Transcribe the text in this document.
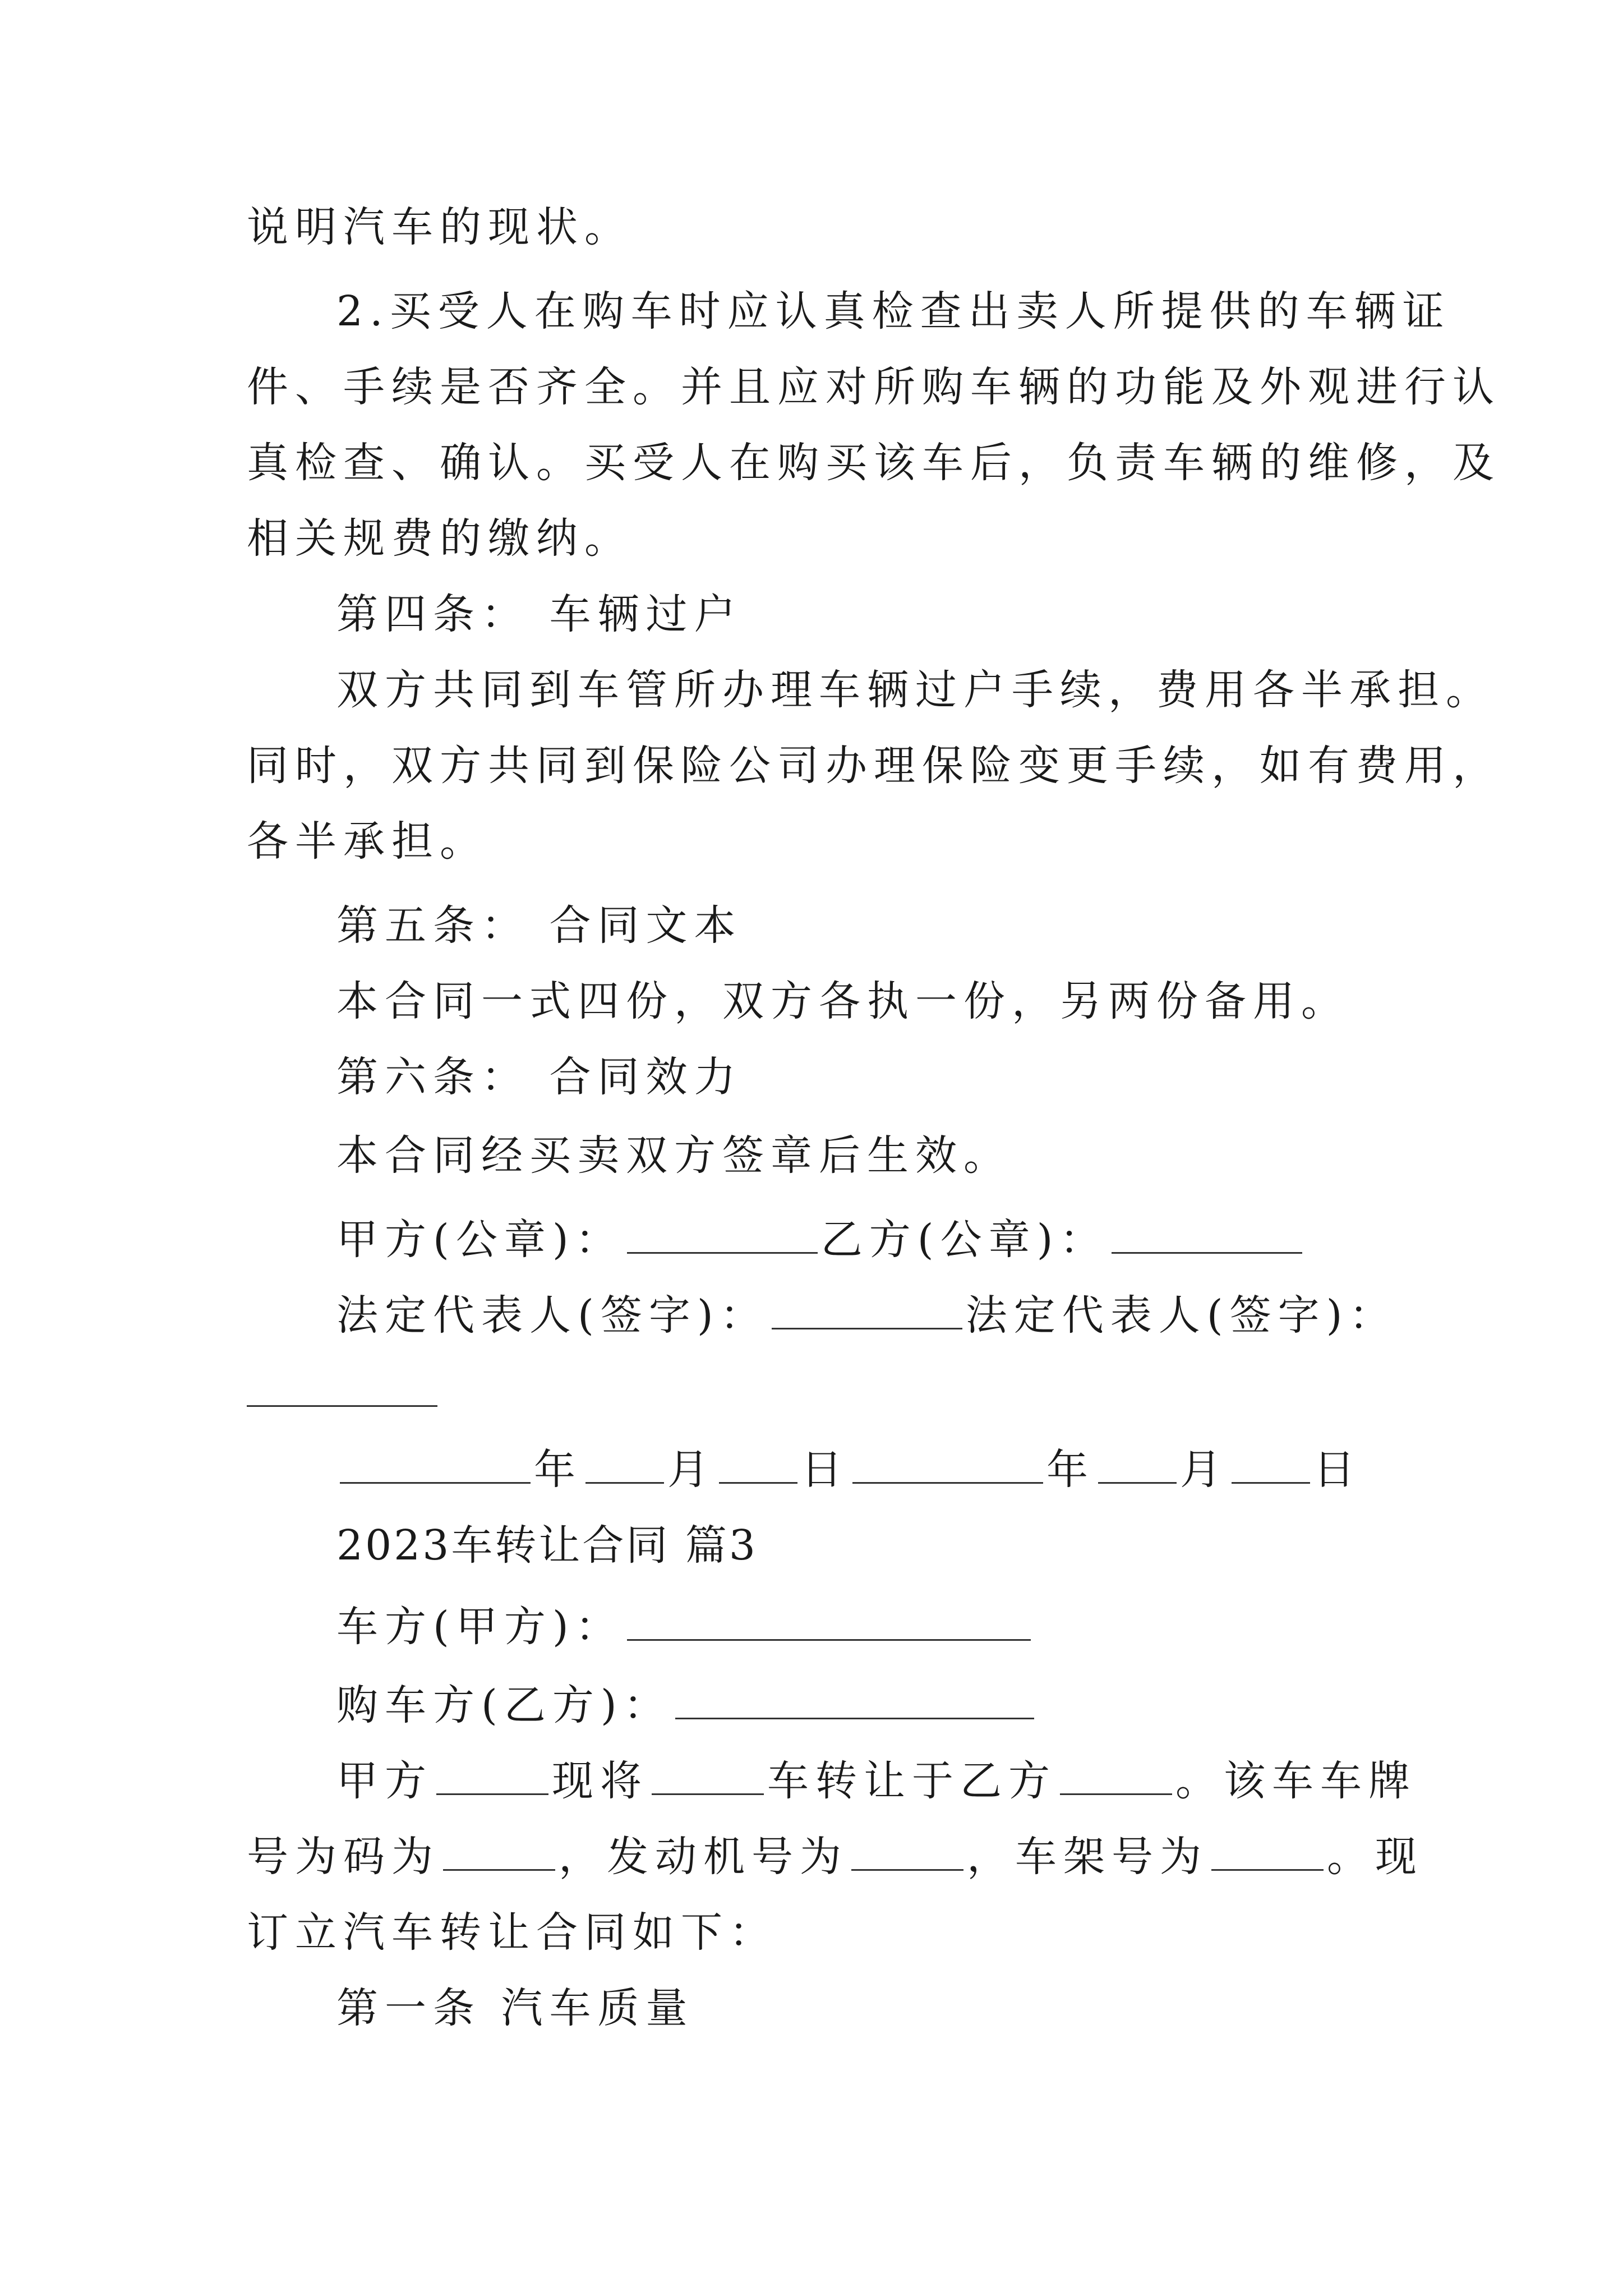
说明汽车的现状。
2.买受人在购车时应认真检查出卖人所提供的车辆证
件、手续是否齐全。并且应对所购车辆的功能及外观进行认
真检查、确认。买受人在购买该车后，负责车辆的维修，及
相关规费的缴纳。
第四条： 车辆过户
双方共同到车管所办理车辆过户手续，费用各半承担。
同时，双方共同到保险公司办理保险变更手续，如有费用，
各半承担。
第五条： 合同文本
本合同一式四份，双方各执一份，另两份备用。
第六条： 合同效力
本合同经买卖双方签章后生效。
甲方(公章)：	乙方(公章)：
法定代表人(签字)：	法定代表人(签字)：
年 月 日	年 月 日
2023车转让合同 篇3
车方(甲方)：
购车方(乙方)：
甲方	现将	车转让于乙方	。该车车牌
号为码为	，发动机号为	，车架号为	。现
订立汽车转让合同如下：
第一条 汽车质量
